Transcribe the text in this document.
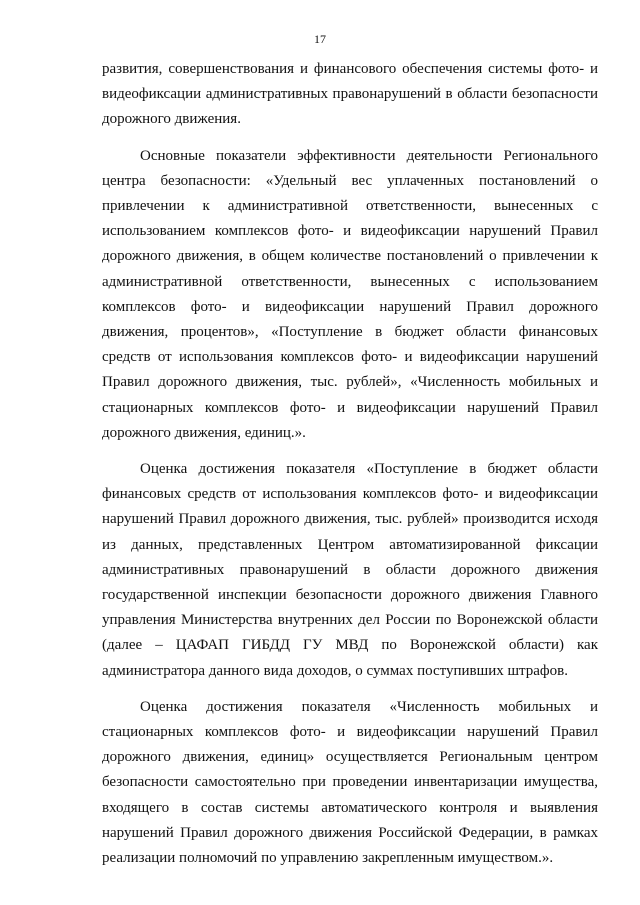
17

развития, совершенствования и финансового обеспечения системы фото- и видеофиксации административных правонарушений в области безопасности дорожного движения.

Основные показатели эффективности деятельности Регионального центра безопасности: «Удельный вес уплаченных постановлений о привлечении к административной ответственности, вынесенных с использованием комплексов фото- и видеофиксации нарушений Правил дорожного движения, в общем количестве постановлений о привлечении к административной ответственности, вынесенных с использованием комплексов фото- и видеофиксации нарушений Правил дорожного движения, процентов», «Поступление в бюджет области финансовых средств от использования комплексов фото- и видеофиксации нарушений Правил дорожного движения, тыс. рублей», «Численность мобильных и стационарных комплексов фото- и видеофиксации нарушений Правил дорожного движения, единиц.».

Оценка достижения показателя «Поступление в бюджет области финансовых средств от использования комплексов фото- и видеофиксации нарушений Правил дорожного движения, тыс. рублей» производится исходя из данных, представленных Центром автоматизированной фиксации административных правонарушений в области дорожного движения государственной инспекции безопасности дорожного движения Главного управления Министерства внутренних дел России по Воронежской области (далее – ЦАФАП ГИБДД ГУ МВД по Воронежской области) как администратора данного вида доходов, о суммах поступивших штрафов.

Оценка достижения показателя «Численность мобильных и стационарных комплексов фото- и видеофиксации нарушений Правил дорожного движения, единиц» осуществляется Региональным центром безопасности самостоятельно при проведении инвентаризации имущества, входящего в состав системы автоматического контроля и выявления нарушений Правил дорожного движения Российской Федерации, в рамках реализации полномочий по управлению закрепленным имуществом.».
